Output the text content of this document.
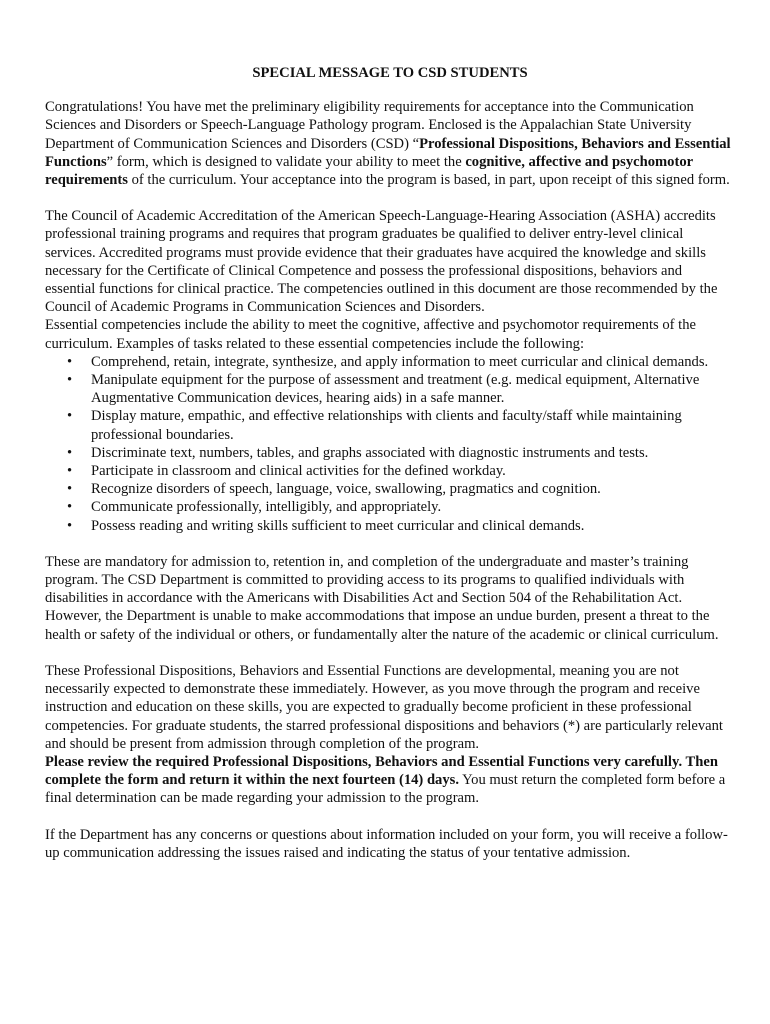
SPECIAL MESSAGE TO CSD STUDENTS

Congratulations! You have met the preliminary eligibility requirements for acceptance into the Communication Sciences and Disorders or Speech-Language Pathology program. Enclosed is the Appalachian State University Department of Communication Sciences and Disorders (CSD) “Professional Dispositions, Behaviors and Essential Functions” form, which is designed to validate your ability to meet the cognitive, affective and psychomotor requirements of the curriculum. Your acceptance into the program is based, in part, upon receipt of this signed form.

The Council of Academic Accreditation of the American Speech-Language-Hearing Association (ASHA) accredits professional training programs and requires that program graduates be qualified to deliver entry-level clinical services. Accredited programs must provide evidence that their graduates have acquired the knowledge and skills necessary for the Certificate of Clinical Competence and possess the professional dispositions, behaviors and essential functions for clinical practice. The competencies outlined in this document are those recommended by the Council of Academic Programs in Communication Sciences and Disorders.

Essential competencies include the ability to meet the cognitive, affective and psychomotor requirements of the curriculum. Examples of tasks related to these essential competencies include the following:

• Comprehend, retain, integrate, synthesize, and apply information to meet curricular and clinical demands.
• Manipulate equipment for the purpose of assessment and treatment (e.g. medical equipment, Alternative Augmentative Communication devices, hearing aids) in a safe manner.
• Display mature, empathic, and effective relationships with clients and faculty/staff while maintaining professional boundaries.
• Discriminate text, numbers, tables, and graphs associated with diagnostic instruments and tests.
• Participate in classroom and clinical activities for the defined workday.
• Recognize disorders of speech, language, voice, swallowing, pragmatics and cognition.
• Communicate professionally, intelligibly, and appropriately.
• Possess reading and writing skills sufficient to meet curricular and clinical demands.

These are mandatory for admission to, retention in, and completion of the undergraduate and master’s training program. The CSD Department is committed to providing access to its programs to qualified individuals with disabilities in accordance with the Americans with Disabilities Act and Section 504 of the Rehabilitation Act. However, the Department is unable to make accommodations that impose an undue burden, present a threat to the health or safety of the individual or others, or fundamentally alter the nature of the academic or clinical curriculum.

These Professional Dispositions, Behaviors and Essential Functions are developmental, meaning you are not necessarily expected to demonstrate these immediately. However, as you move through the program and receive instruction and education on these skills, you are expected to gradually become proficient in these professional competencies. For graduate students, the starred professional dispositions and behaviors (*) are particularly relevant and should be present from admission through completion of the program.

Please review the required Professional Dispositions, Behaviors and Essential Functions very carefully. Then complete the form and return it within the next fourteen (14) days. You must return the completed form before a final determination can be made regarding your admission to the program.

If the Department has any concerns or questions about information included on your form, you will receive a follow-up communication addressing the issues raised and indicating the status of your tentative admission.
